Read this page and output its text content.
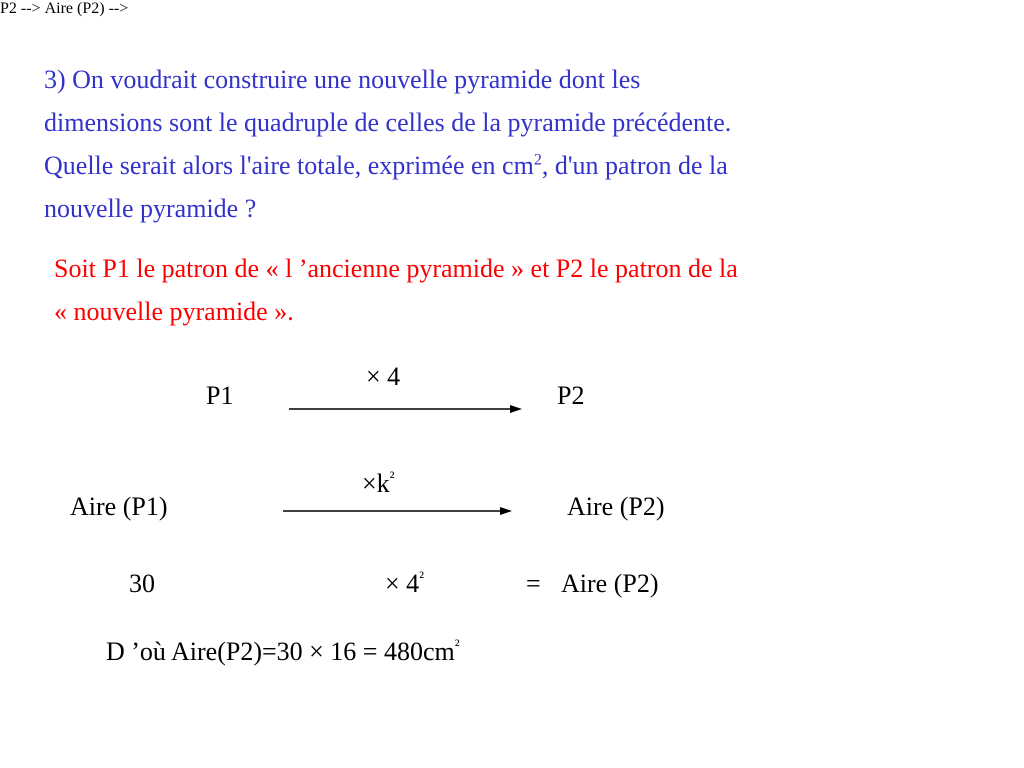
3) On voudrait construire une nouvelle pyramide dont les
dimensions sont le quadruple de celles de la pyramide précédente.
Quelle serait alors l'aire totale, exprimée en $cm^2$, d'un patron de la
nouvelle pyramide ?
Soit P1 le patron de « l ’ancienne pyramide » et P2 le patron de la
« nouvelle pyramide ».
P2 -->
× 4
P1	P2
Aire (P2) -->
$\times k^{^2}$
Aire (P1)	Aire (P2)
30	× $4^{^2}$	= Aire (P2)
D ’où Aire(P2)=30 × $16 = 480cm^{^2}$
